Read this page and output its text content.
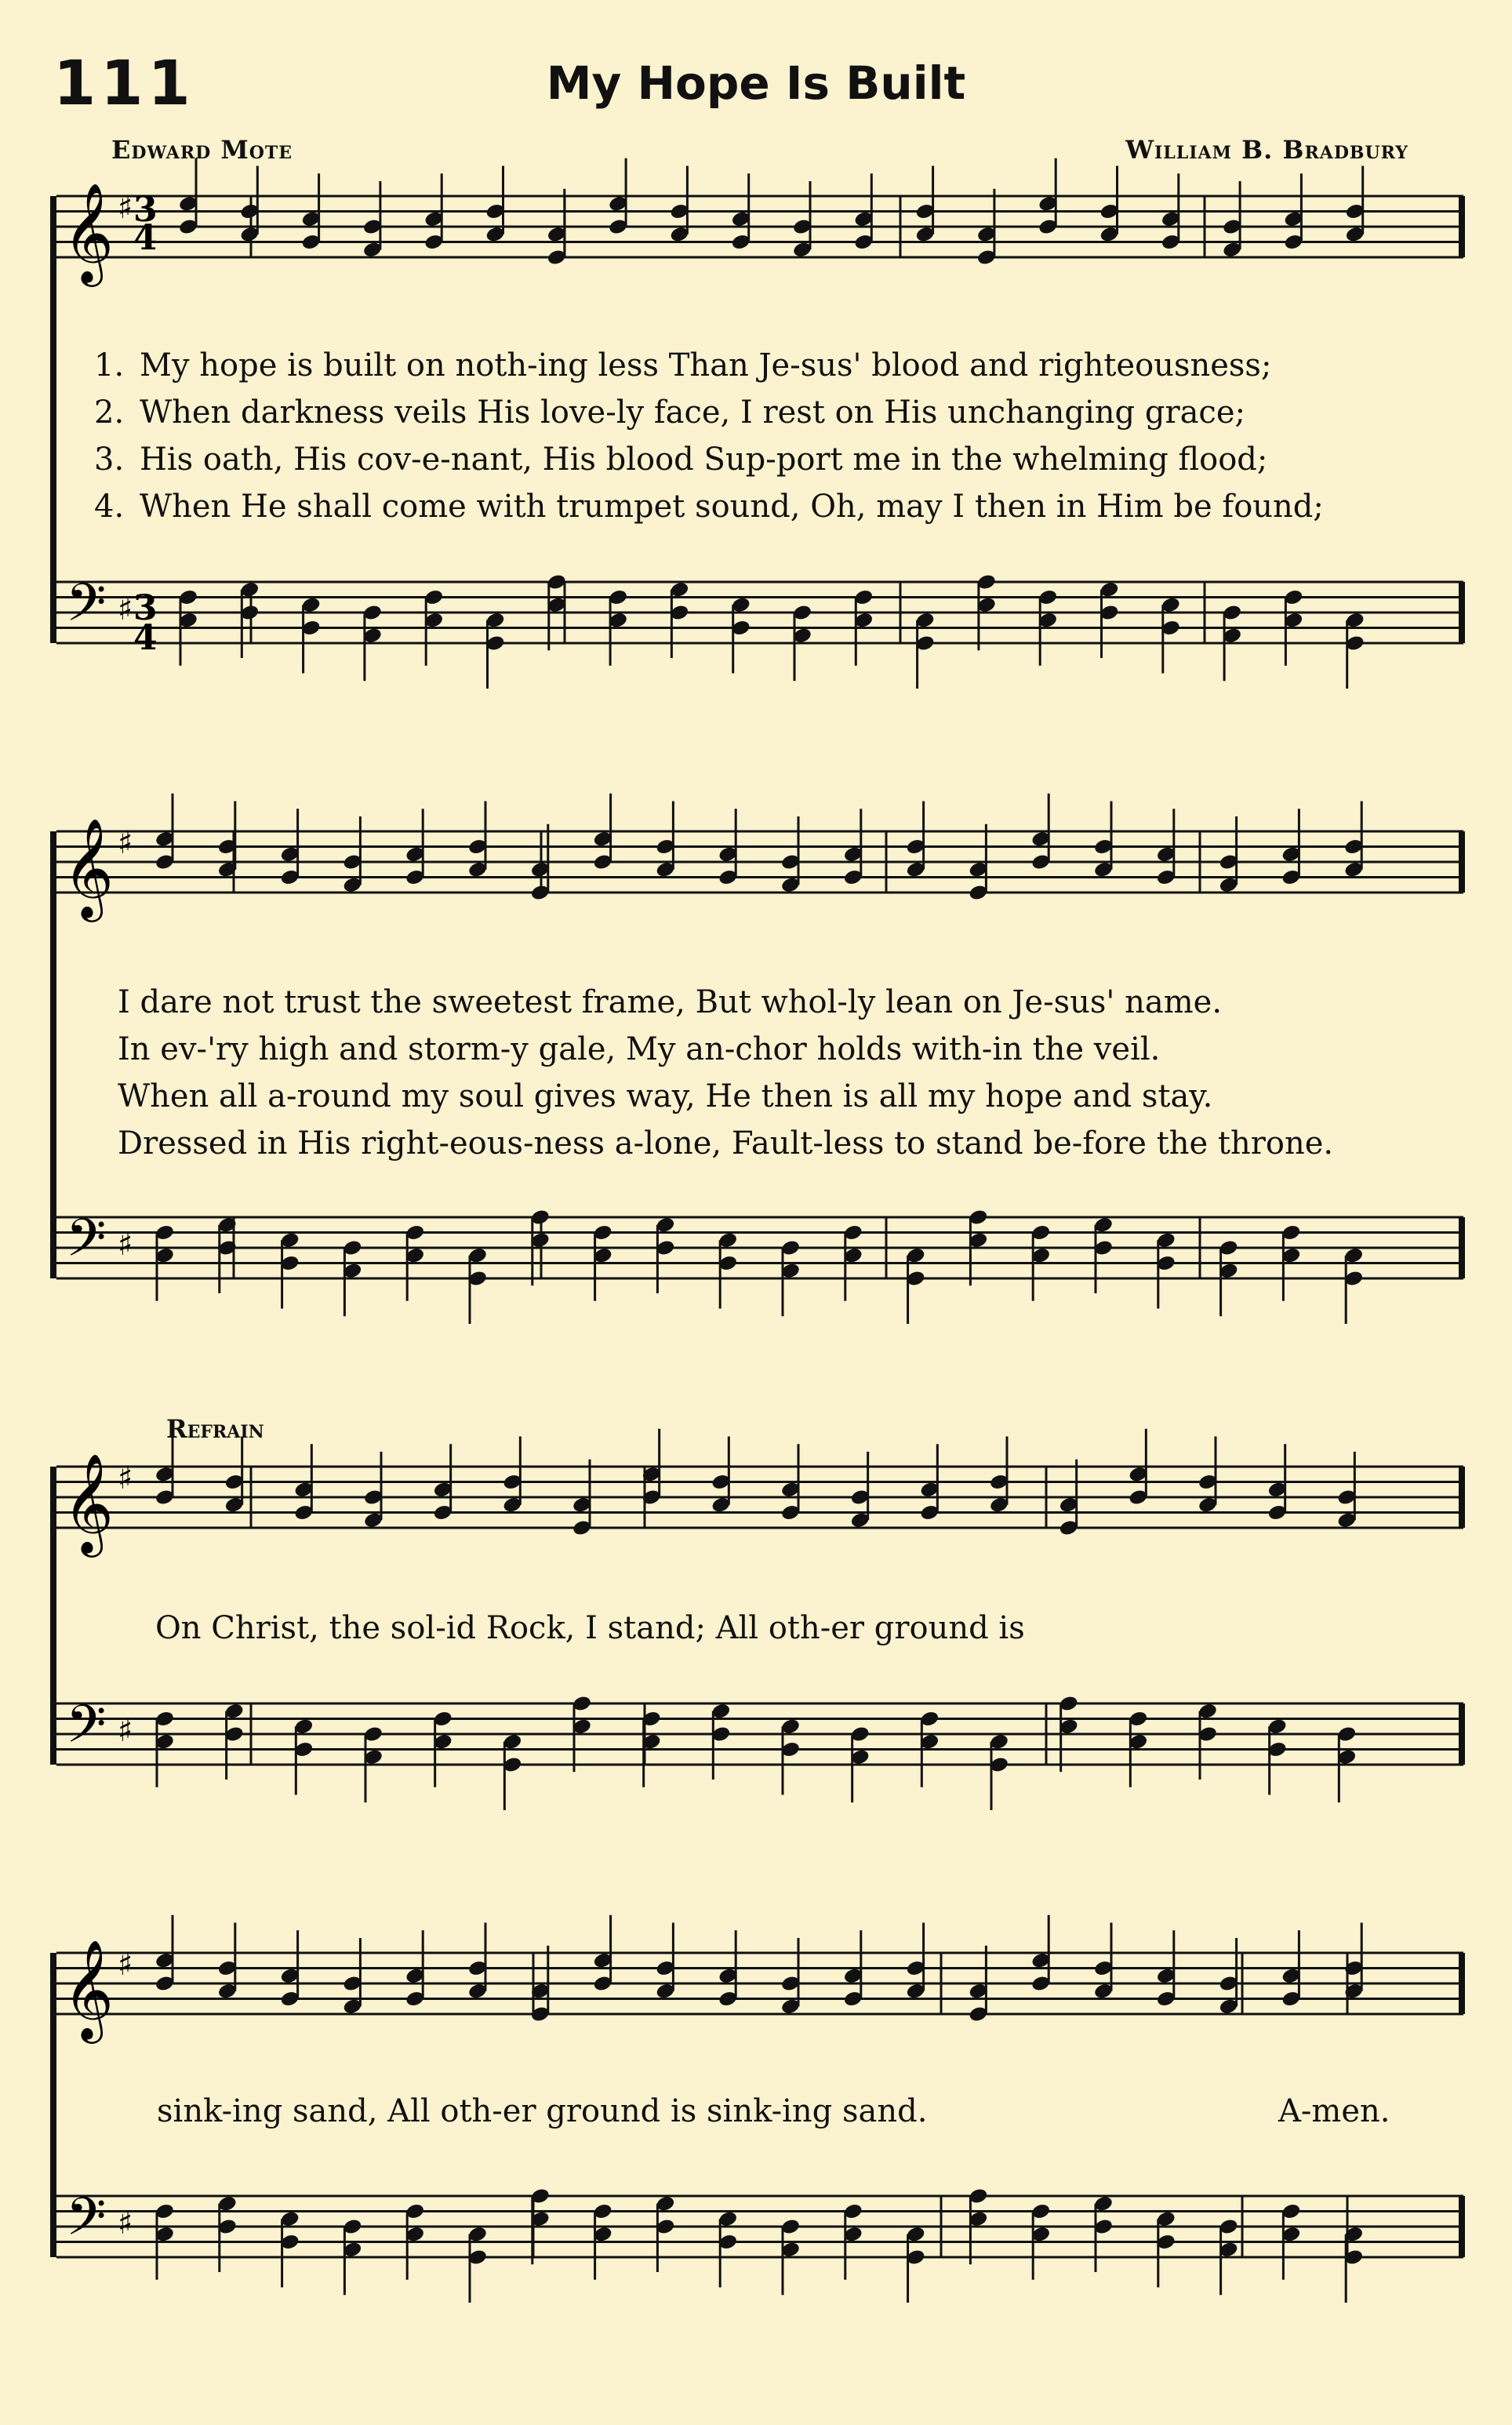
111	My Hope Is Built
Edward Mote	William B. Bradbury
𝄞
𝄢
♯
♯
𝄞
𝄢
♯
♯
𝄞
𝄢
♯
♯
𝄞
𝄢
♯
♯
3
4
3
4
1. My hope is built on noth-ing less Than Je-sus' blood and righteousness;
2. When darkness veils His love-ly face, I rest on His unchanging grace;
3. His oath, His cov-e-nant, His blood Sup-port me in the whelming flood;
4. When He shall come with trumpet sound, Oh, may I then in Him be found;
I dare not trust the sweetest frame, But whol-ly lean on Je-sus' name.
In ev-'ry high and storm-y gale, My an-chor holds with-in the veil.
When all a-round my soul gives way, He then is all my hope and stay.
Dressed in His right-eous-ness a-lone, Fault-less to stand be-fore the throne.
Refrain
On Christ, the sol-id Rock, I stand; All oth-er ground is
sink-ing sand, All oth-er ground is sink-ing sand.	A-men.
